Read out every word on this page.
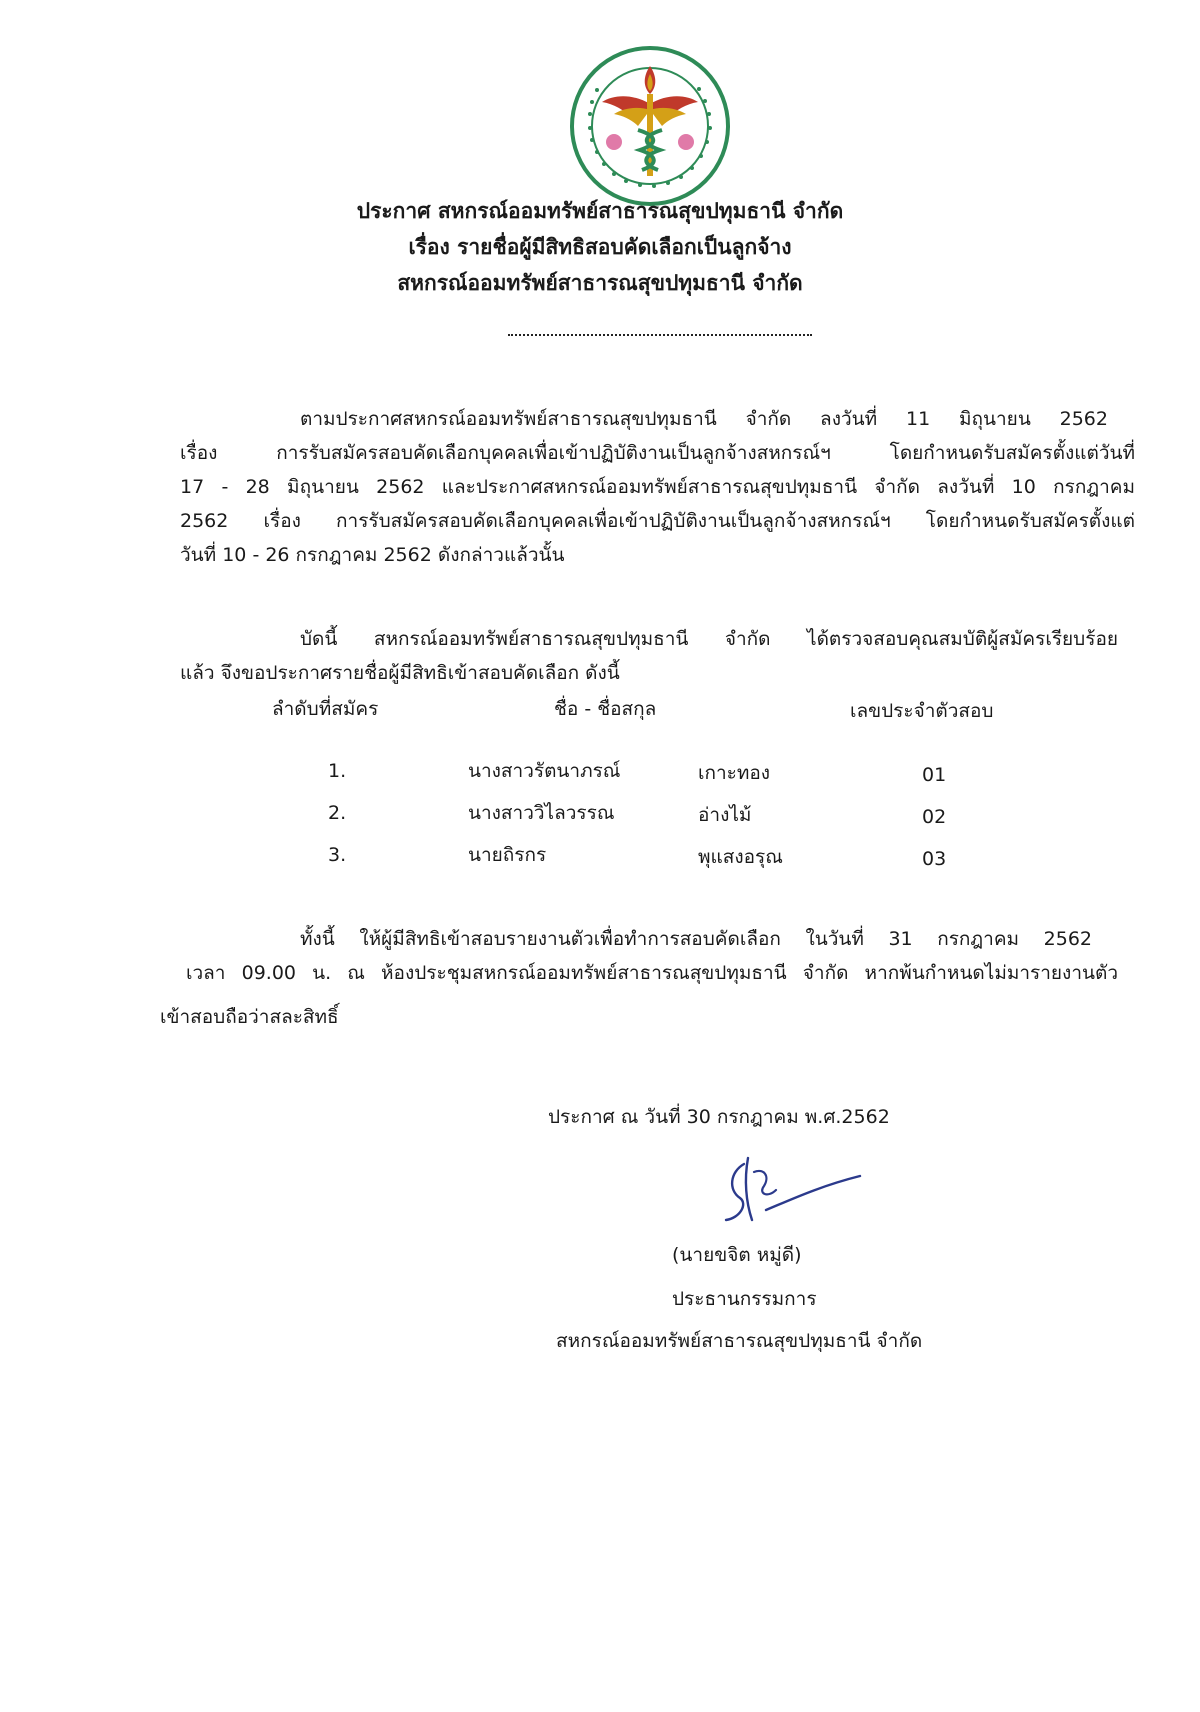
ประกาศ สหกรณ์ออมทรัพย์สาธารณสุขปทุมธานี จำกัด
เรื่อง รายชื่อผู้มีสิทธิสอบคัดเลือกเป็นลูกจ้าง
สหกรณ์ออมทรัพย์สาธารณสุขปทุมธานี จำกัด
ตามประกาศสหกรณ์ออมทรัพย์สาธารณสุขปทุมธานี จำกัด ลงวันที่ 11 มิถุนายน 2562
เรื่อง การรับสมัครสอบคัดเลือกบุคคลเพื่อเข้าปฏิบัติงานเป็นลูกจ้างสหกรณ์ฯ โดยกำหนดรับสมัครตั้งแต่วันที่
17 - 28 มิถุนายน 2562 และประกาศสหกรณ์ออมทรัพย์สาธารณสุขปทุมธานี จำกัด ลงวันที่ 10 กรกฎาคม
2562 เรื่อง การรับสมัครสอบคัดเลือกบุคคลเพื่อเข้าปฏิบัติงานเป็นลูกจ้างสหกรณ์ฯ โดยกำหนดรับสมัครตั้งแต่
วันที่ 10 - 26 กรกฎาคม 2562 ดังกล่าวแล้วนั้น
บัดนี้ สหกรณ์ออมทรัพย์สาธารณสุขปทุมธานี จำกัด ได้ตรวจสอบคุณสมบัติผู้สมัครเรียบร้อย
แล้ว จึงขอประกาศรายชื่อผู้มีสิทธิเข้าสอบคัดเลือก ดังนี้
ลำดับที่สมัคร	ชื่อ - ชื่อสกุล	เลขประจำตัวสอบ
1.	นางสาวรัตนาภรณ์	เกาะทอง	01
2.	นางสาววิไลวรรณ	อ่างไม้	02
3.	นายถิรกร	พุแสงอรุณ	03
ทั้งนี้ ให้ผู้มีสิทธิเข้าสอบรายงานตัวเพื่อทำการสอบคัดเลือก ในวันที่ 31 กรกฎาคม 2562
เวลา 09.00 น. ณ ห้องประชุมสหกรณ์ออมทรัพย์สาธารณสุขปทุมธานี จำกัด หากพ้นกำหนดไม่มารายงานตัว
เข้าสอบถือว่าสละสิทธิ์
ประกาศ ณ วันที่ 30 กรกฎาคม พ.ศ.2562
(นายขจิต หมู่ดี)
ประธานกรรมการ
สหกรณ์ออมทรัพย์สาธารณสุขปทุมธานี จำกัด
